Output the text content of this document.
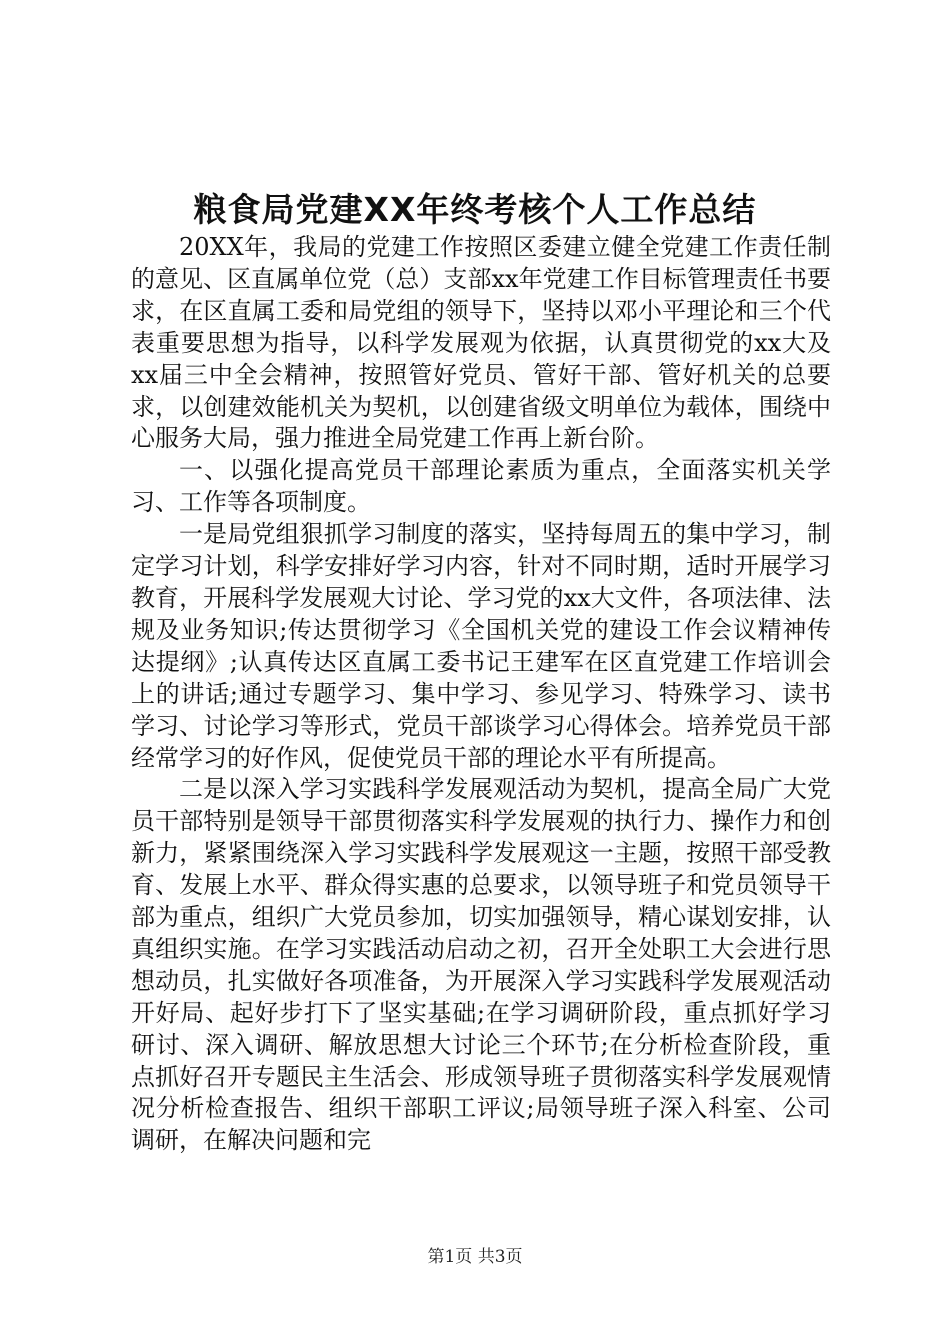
粮食局党建XX年终考核个人工作总结

20XX年，我局的党建工作按照区委建立健全党建工作责任制的意见、区直属单位党（总）支部xx年党建工作目标管理责任书要求，在区直属工委和局党组的领导下，坚持以邓小平理论和三个代表重要思想为指导，以科学发展观为依据，认真贯彻党的xx大及xx届三中全会精神，按照管好党员、管好干部、管好机关的总要求，以创建效能机关为契机，以创建省级文明单位为载体，围绕中心服务大局，强力推进全局党建工作再上新台阶。

一、以强化提高党员干部理论素质为重点，全面落实机关学习、工作等各项制度。

一是局党组狠抓学习制度的落实，坚持每周五的集中学习，制定学习计划，科学安排好学习内容，针对不同时期，适时开展学习教育，开展科学发展观大讨论、学习党的xx大文件，各项法律、法规及业务知识;传达贯彻学习《全国机关党的建设工作会议精神传达提纲》;认真传达区直属工委书记王建军在区直党建工作培训会上的讲话;通过专题学习、集中学习、参见学习、特殊学习、读书学习、讨论学习等形式，党员干部谈学习心得体会。培养党员干部经常学习的好作风，促使党员干部的理论水平有所提高。

二是以深入学习实践科学发展观活动为契机，提高全局广大党员干部特别是领导干部贯彻落实科学发展观的执行力、操作力和创新力，紧紧围绕深入学习实践科学发展观这一主题，按照干部受教育、发展上水平、群众得实惠的总要求，以领导班子和党员领导干部为重点，组织广大党员参加，切实加强领导，精心谋划安排，认真组织实施。在学习实践活动启动之初，召开全处职工大会进行思想动员，扎实做好各项准备，为开展深入学习实践科学发展观活动开好局、起好步打下了坚实基础;在学习调研阶段，重点抓好学习研讨、深入调研、解放思想大讨论三个环节;在分析检查阶段，重点抓好召开专题民主生活会、形成领导班子贯彻落实科学发展观情况分析检查报告、组织干部职工评议;局领导班子深入科室、公司调研，在解决问题和完

第1页 共3页
